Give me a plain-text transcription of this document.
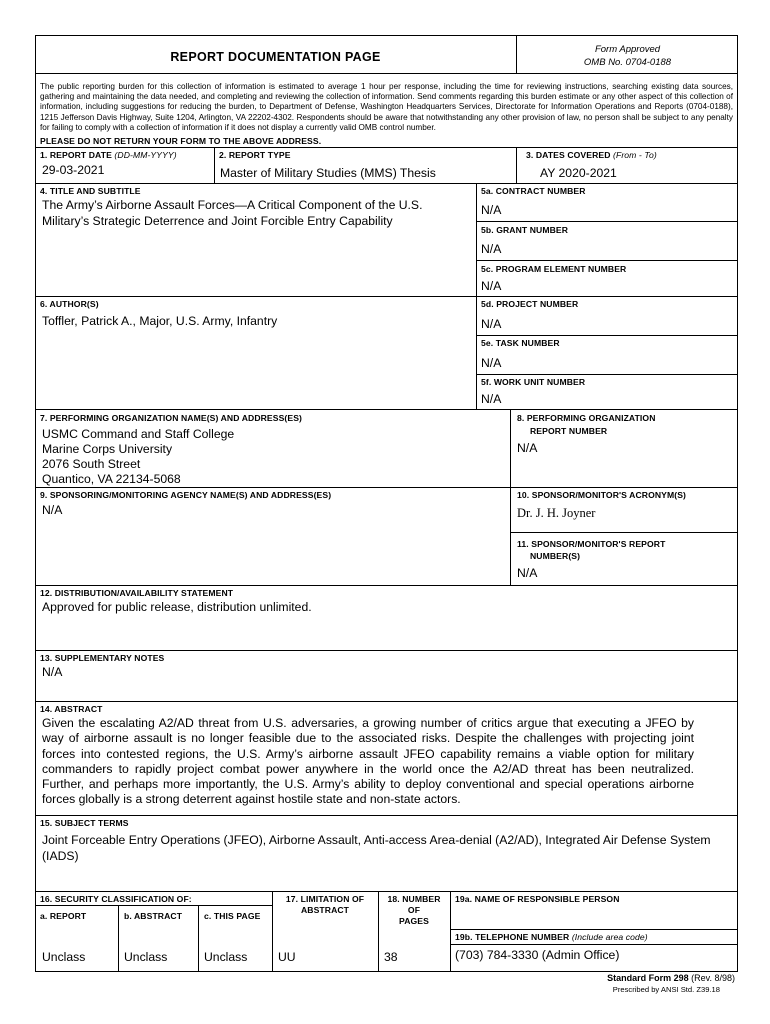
REPORT DOCUMENTATION PAGE
Form Approved
OMB No. 0704-0188
The public reporting burden for this collection of information is estimated to average 1 hour per response, including the time for reviewing instructions, searching existing data sources, gathering and maintaining the data needed, and completing and reviewing the collection of information. Send comments regarding this burden estimate or any other aspect of this collection of information, including suggestions for reducing the burden, to Department of Defense, Washington Headquarters Services, Directorate for Information Operations and Reports (0704-0188), 1215 Jefferson Davis Highway, Suite 1204, Arlington, VA 22202-4302. Respondents should be aware that notwithstanding any other provision of law, no person shall be subject to any penalty for failing to comply with a collection of information if it does not display a currently valid OMB control number.
PLEASE DO NOT RETURN YOUR FORM TO THE ABOVE ADDRESS.
1. REPORT DATE (DD-MM-YYYY)
29-03-2021
2. REPORT TYPE
Master of Military Studies (MMS) Thesis
3. DATES COVERED (From - To)
AY 2020-2021
4. TITLE AND SUBTITLE
The Army’s Airborne Assault Forces—A Critical Component of the U.S. Military’s Strategic Deterrence and Joint Forcible Entry Capability
5a. CONTRACT NUMBER
N/A
5b. GRANT NUMBER
N/A
5c. PROGRAM ELEMENT NUMBER
N/A
6. AUTHOR(S)
Toffler, Patrick A., Major, U.S. Army, Infantry
5d. PROJECT NUMBER
N/A
5e. TASK NUMBER
N/A
5f. WORK UNIT NUMBER
N/A
7. PERFORMING ORGANIZATION NAME(S) AND ADDRESS(ES)
USMC Command and Staff College
Marine Corps University
2076 South Street
Quantico, VA 22134-5068
8. PERFORMING ORGANIZATION
REPORT NUMBER
N/A
9. SPONSORING/MONITORING AGENCY NAME(S) AND ADDRESS(ES)
N/A
10. SPONSOR/MONITOR'S ACRONYM(S)
Dr. J. H. Joyner
11. SPONSOR/MONITOR'S REPORT
NUMBER(S)
N/A
12. DISTRIBUTION/AVAILABILITY STATEMENT
Approved for public release, distribution unlimited.
13. SUPPLEMENTARY NOTES
N/A
14. ABSTRACT
Given the escalating A2/AD threat from U.S. adversaries, a growing number of critics argue that executing a JFEO by way of airborne assault is no longer feasible due to the associated risks. Despite the challenges with projecting joint forces into contested regions, the U.S. Army’s airborne assault JFEO capability remains a viable option for military commanders to rapidly project combat power anywhere in the world once the A2/AD threat has been neutralized. Further, and perhaps more importantly, the U.S. Army’s ability to deploy conventional and special operations airborne forces globally is a strong deterrent against hostile state and non-state actors.
15. SUBJECT TERMS
Joint Forceable Entry Operations (JFEO), Airborne Assault, Anti-access Area-denial (A2/AD), Integrated Air Defense System (IADS)
16. SECURITY CLASSIFICATION OF:
a. REPORT	b. ABSTRACT	c. THIS PAGE
Unclass	Unclass	Unclass
17. LIMITATION OF
ABSTRACT
UU
18. NUMBER
OF
PAGES
38
19a. NAME OF RESPONSIBLE PERSON
19b. TELEPHONE NUMBER (Include area code)
(703) 784-3330 (Admin Office)
Standard Form 298 (Rev. 8/98)
Prescribed by ANSI Std. Z39.18
